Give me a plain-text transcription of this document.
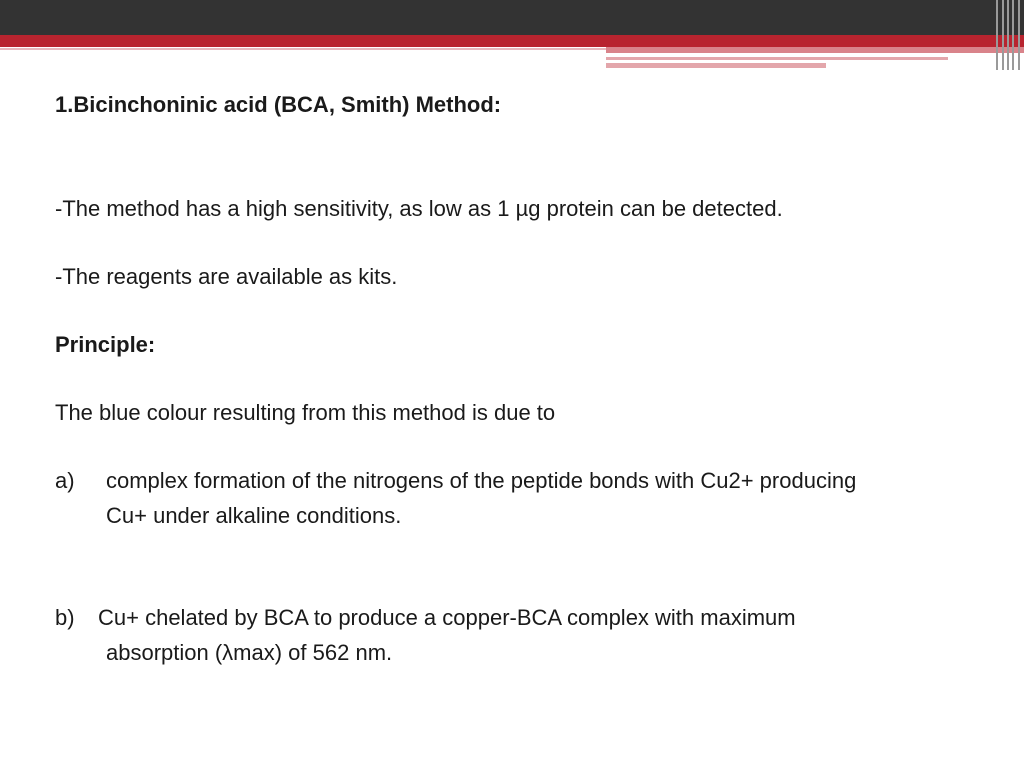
1.Bicinchoninic acid (BCA, Smith) Method:
-The method has a high sensitivity, as low as 1 µg protein can be detected.
-The reagents are available as kits.
Principle:
The blue colour resulting from this method is due to
a) complex formation of the nitrogens of the peptide bonds with Cu2+ producing
Cu+ under alkaline conditions.
b) Cu+ chelated by BCA to produce a copper-BCA complex with maximum
absorption (λmax) of 562 nm.
